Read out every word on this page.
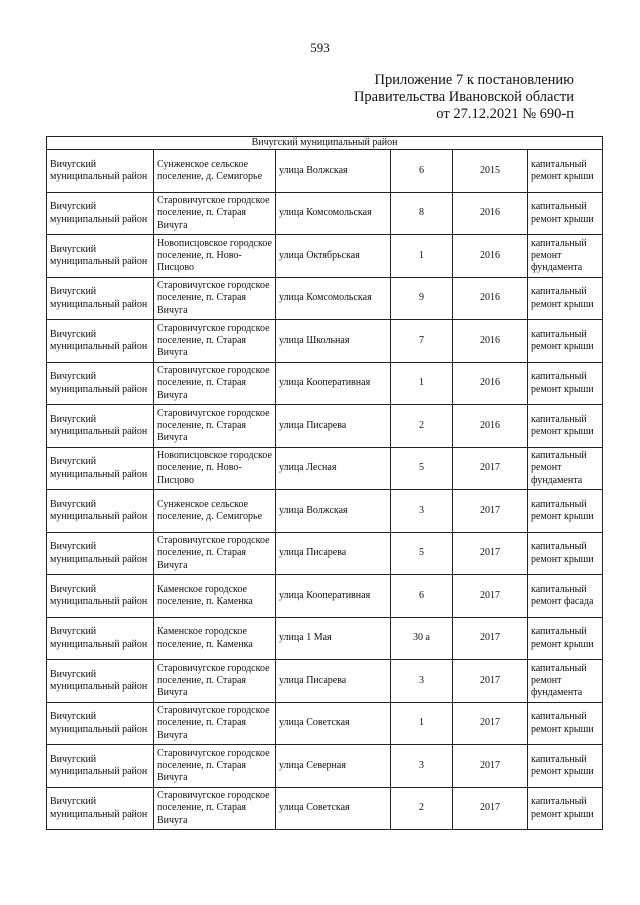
593
Приложение 7 к постановлению
Правительства Ивановской области
от 27.12.2021 № 690-п
Вичугский муниципальный район					
Вичугский муниципальный район	Сунженское сельское поселение, д. Семигорье	улица Волжская	6	2015	капитальный ремонт крыши
Вичугский муниципальный район	Старовичугское городское поселение, п. Старая Вичуга	улица Комсомольская	8	2016	капитальный ремонт крыши
Вичугский муниципальный район	Новописцовское городское поселение, п. Ново-Писцово	улица Октябрьская	1	2016	капитальный ремонт фундамента
Вичугский муниципальный район	Старовичугское городское поселение, п. Старая Вичуга	улица Комсомольская	9	2016	капитальный ремонт крыши
Вичугский муниципальный район	Старовичугское городское поселение, п. Старая Вичуга	улица Школьная	7	2016	капитальный ремонт крыши
Вичугский муниципальный район	Старовичугское городское поселение, п. Старая Вичуга	улица Кооперативная	1	2016	капитальный ремонт крыши
Вичугский муниципальный район	Старовичугское городское поселение, п. Старая Вичуга	улица Писарева	2	2016	капитальный ремонт крыши
Вичугский муниципальный район	Новописцовское городское поселение, п. Ново-Писцово	улица Лесная	5	2017	капитальный ремонт фундамента
Вичугский муниципальный район	Сунженское сельское поселение, д. Семигорье	улица Волжская	3	2017	капитальный ремонт крыши
Вичугский муниципальный район	Старовичугское городское поселение, п. Старая Вичуга	улица Писарева	5	2017	капитальный ремонт крыши
Вичугский муниципальный район	Каменское городское поселение, п. Каменка	улица Кооперативная	6	2017	капитальный ремонт фасада
Вичугский муниципальный район	Каменское городское поселение, п. Каменка	улица 1 Мая	30 а	2017	капитальный ремонт крыши
Вичугский муниципальный район	Старовичугское городское поселение, п. Старая Вичуга	улица Писарева	3	2017	капитальный ремонт фундамента
Вичугский муниципальный район	Старовичугское городское поселение, п. Старая Вичуга	улица Советская	1	2017	капитальный ремонт крыши
Вичугский муниципальный район	Старовичугское городское поселение, п. Старая Вичуга	улица Северная	3	2017	капитальный ремонт крыши
Вичугский муниципальный район	Старовичугское городское поселение, п. Старая Вичуга	улица Советская	2	2017	капитальный ремонт крыши
